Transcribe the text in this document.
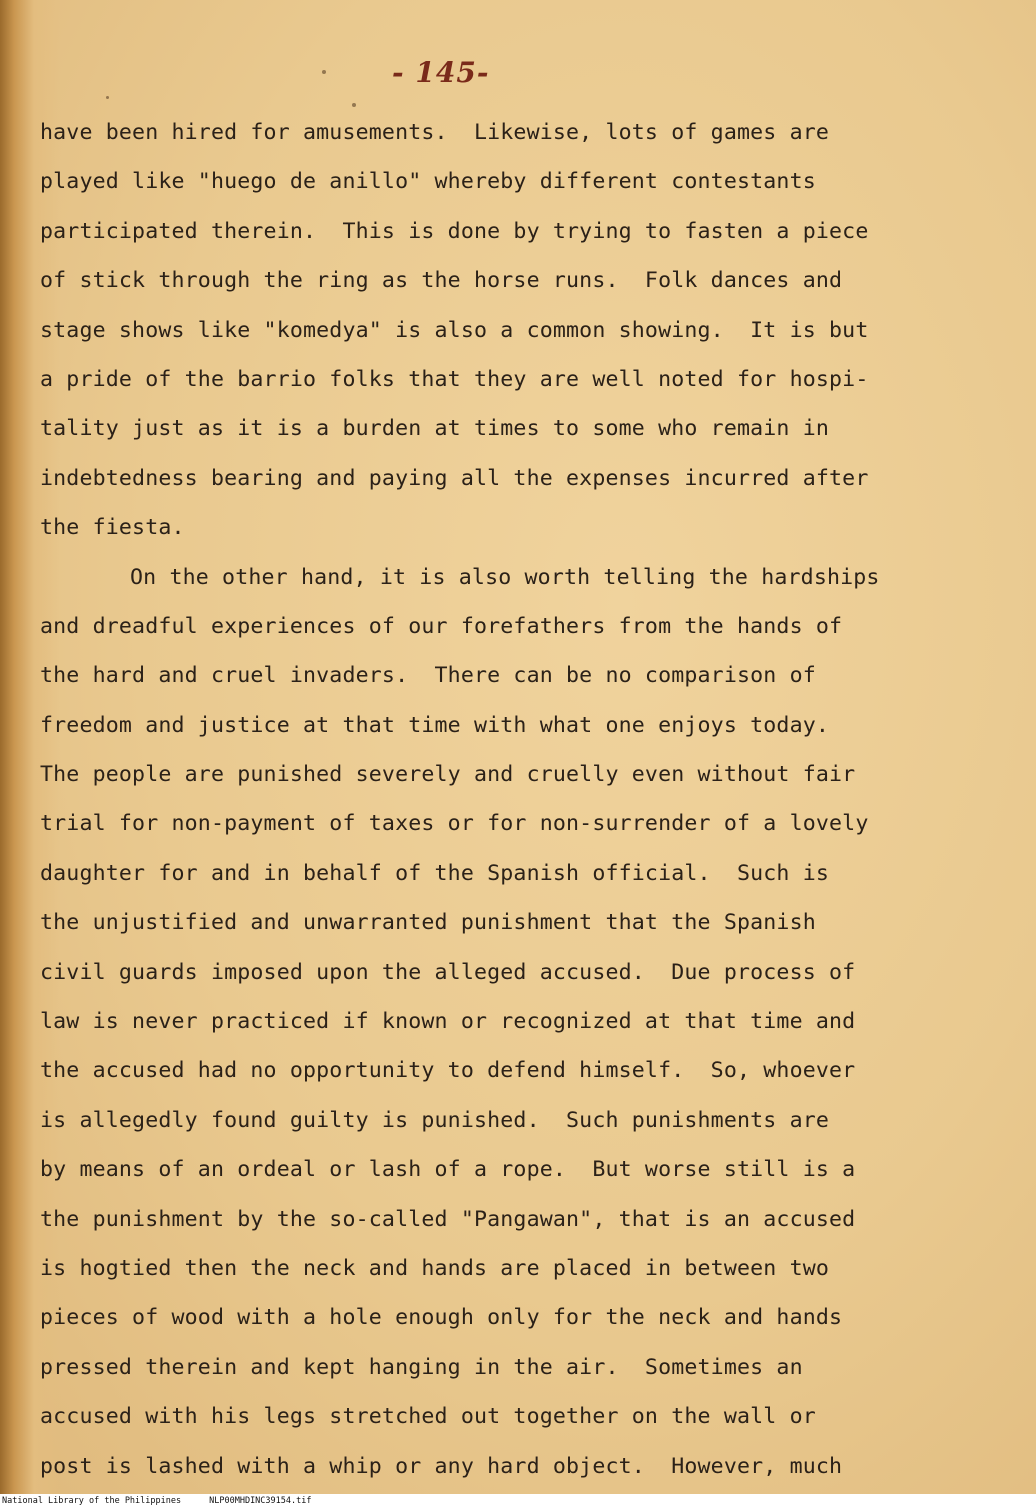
- 145-
have been hired for amusements.  Likewise, lots of games are
played like "huego de anillo" whereby different contestants
participated therein.  This is done by trying to fasten a piece
of stick through the ring as the horse runs.  Folk dances and
stage shows like "komedya" is also a common showing.  It is but
a pride of the barrio folks that they are well noted for hospi-
tality just as it is a burden at times to some who remain in
indebtedness bearing and paying all the expenses incurred after
the fiesta.
On the other hand, it is also worth telling the hardships
and dreadful experiences of our forefathers from the hands of
the hard and cruel invaders.  There can be no comparison of
freedom and justice at that time with what one enjoys today.
The people are punished severely and cruelly even without fair
trial for non-payment of taxes or for non-surrender of a lovely
daughter for and in behalf of the Spanish official.  Such is
the unjustified and unwarranted punishment that the Spanish
civil guards imposed upon the alleged accused.  Due process of
law is never practiced if known or recognized at that time and
the accused had no opportunity to defend himself.  So, whoever
is allegedly found guilty is punished.  Such punishments are
by means of an ordeal or lash of a rope.  But worse still is a
the punishment by the so-called "Pangawan", that is an accused
is hogtied then the neck and hands are placed in between two
pieces of wood with a hole enough only for the neck and hands
pressed therein and kept hanging in the air.  Sometimes an
accused with his legs stretched out together on the wall or
post is lashed with a whip or any hard object.  However, much
National Library of the Philippines	NLP00MHDINC39154.tif
